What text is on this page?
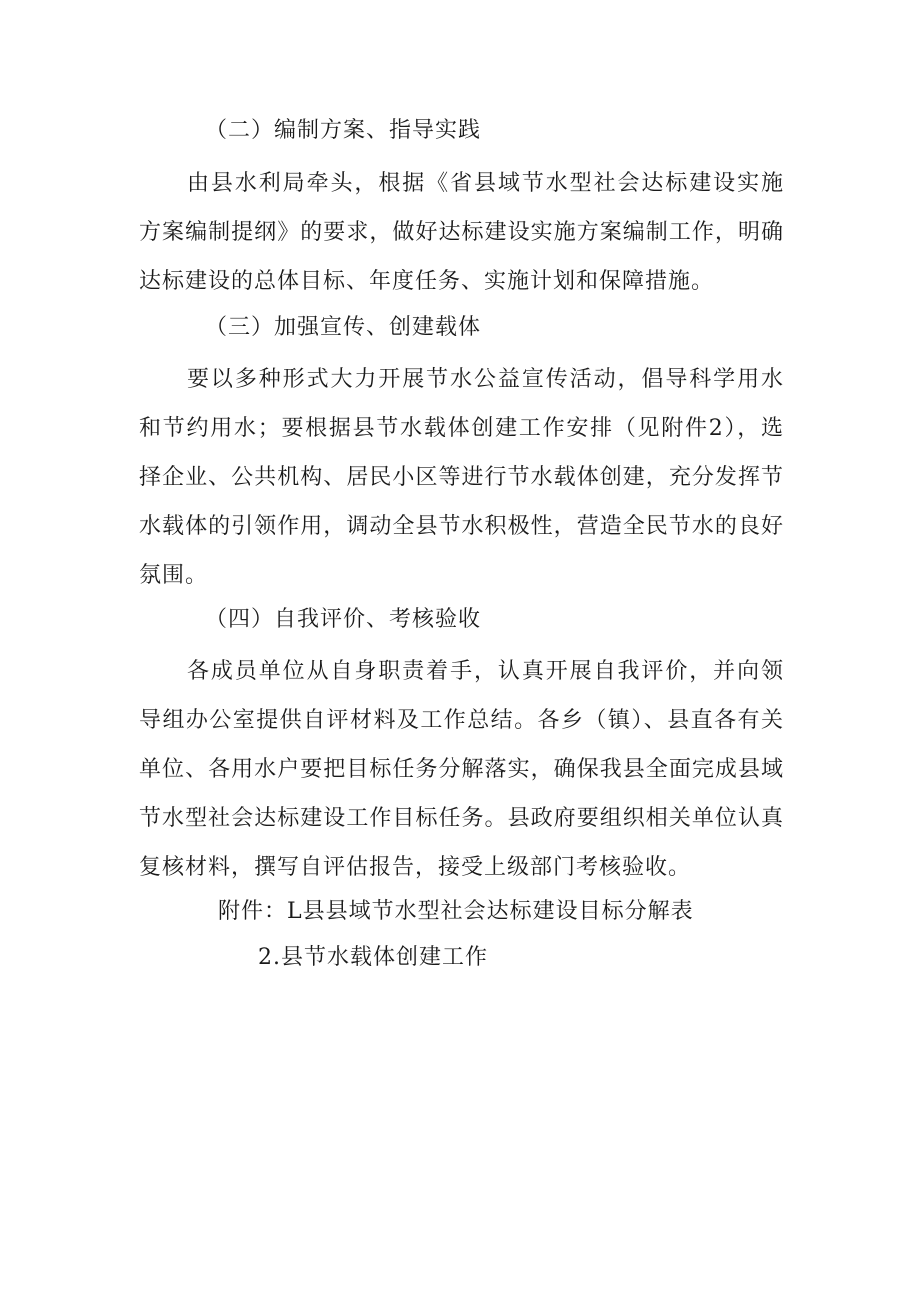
（二）编制方案、指导实践

由县水利局牵头，根据《省县域节水型社会达标建设实施方案编制提纲》的要求，做好达标建设实施方案编制工作，明确达标建设的总体目标、年度任务、实施计划和保障措施。

（三）加强宣传、创建载体

要以多种形式大力开展节水公益宣传活动，倡导科学用水和节约用水；要根据县节水载体创建工作安排（见附件2），选择企业、公共机构、居民小区等进行节水载体创建，充分发挥节水载体的引领作用，调动全县节水积极性，营造全民节水的良好氛围。

（四）自我评价、考核验收

各成员单位从自身职责着手，认真开展自我评价，并向领导组办公室提供自评材料及工作总结。各乡（镇）、县直各有关单位、各用水户要把目标任务分解落实，确保我县全面完成县域节水型社会达标建设工作目标任务。县政府要组织相关单位认真复核材料，撰写自评估报告，接受上级部门考核验收。

附件：L县县域节水型社会达标建设目标分解表
2.县节水载体创建工作
